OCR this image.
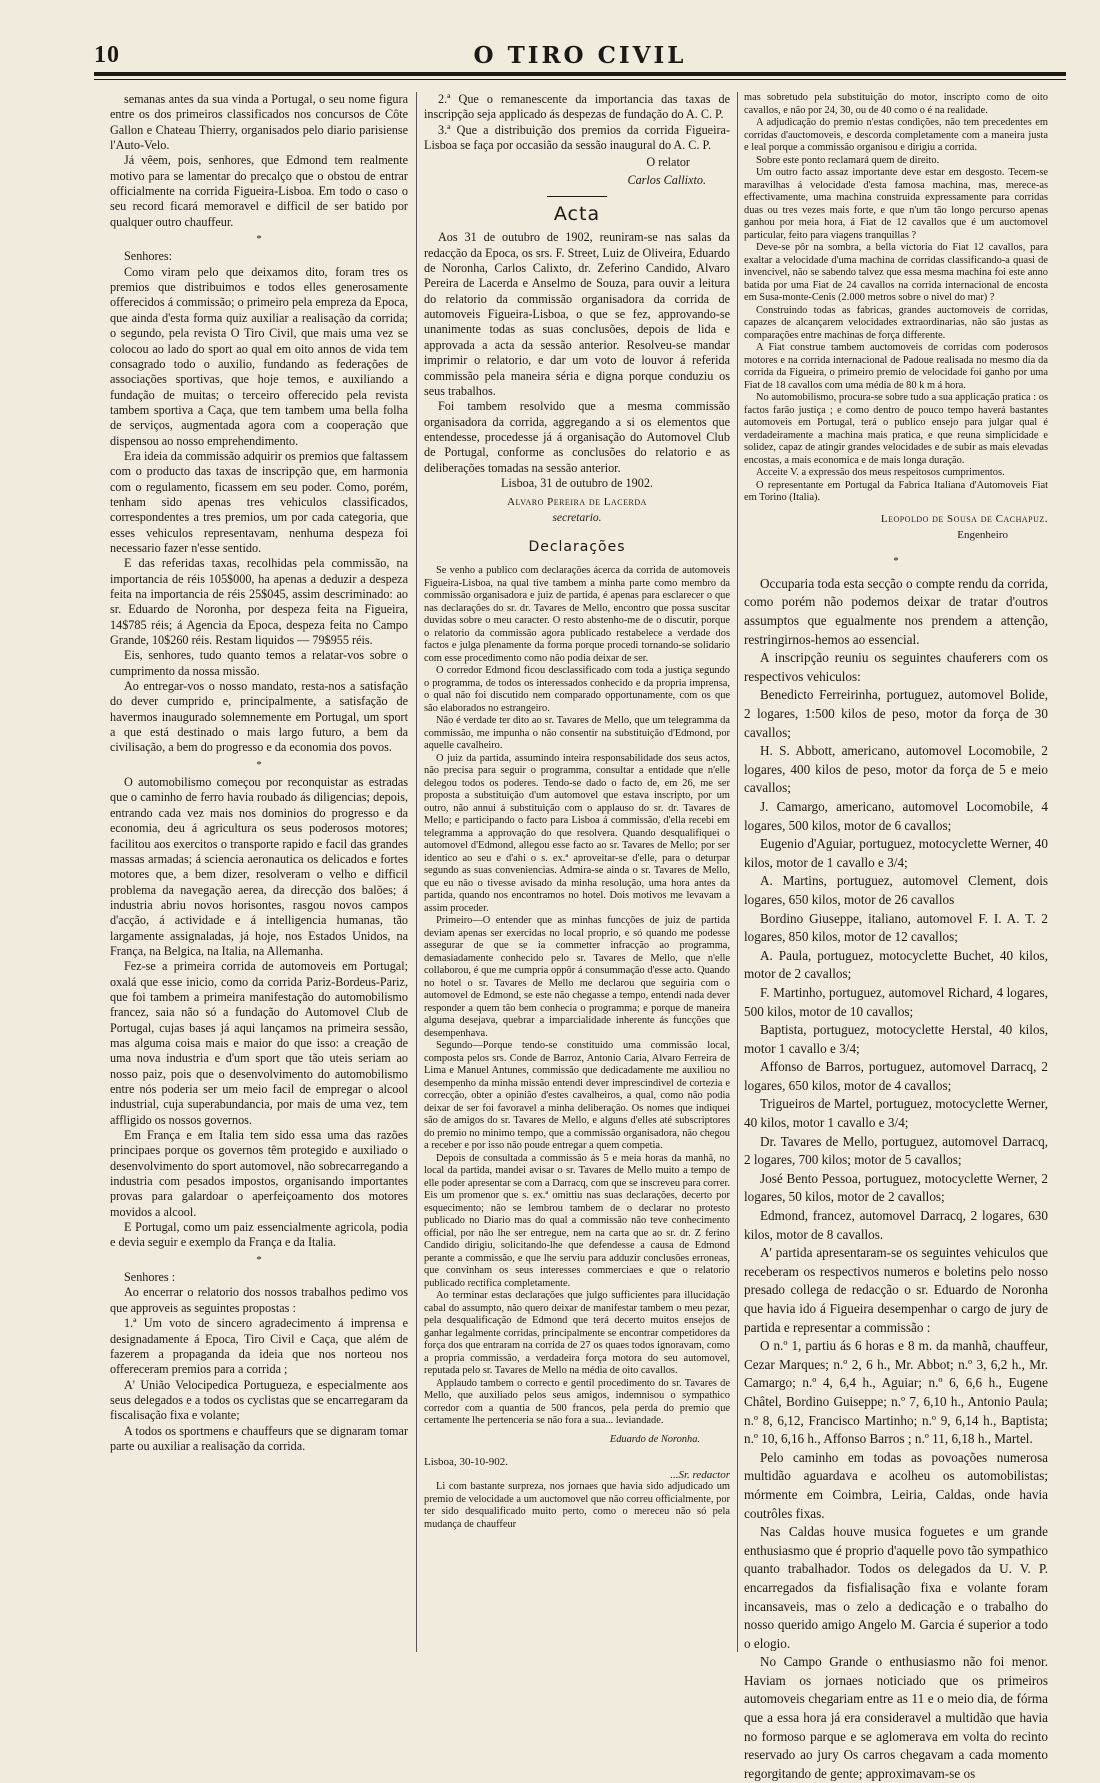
10	O TIRO CIVIL

semanas antes da sua vinda a Portugal, o seu nome figura entre os dos primeiros classificados nos concursos de Côte Gallon e Chateau Thierry, organisados pelo diario parisiense l'Auto-Velo.

Já vêem, pois, senhores, que Edmond tem realmente motivo para se lamentar do precalço que o obstou de entrar officialmente na corrida Figueira-Lisboa. Em todo o caso o seu record ficará memoravel e difficil de ser batido por qualquer outro chauffeur.

*

Senhores:

Como viram pelo que deixamos dito, foram tres os premios que distribuimos e todos elles generosamente offerecidos á commissão; o primeiro pela empreza da Epoca, que ainda d'esta forma quiz auxiliar a realisação da corrida; o segundo, pela revista O Tiro Civil, que mais uma vez se colocou ao lado do sport ao qual em oito annos de vida tem consagrado todo o auxilio, fundando as federações de associações sportivas, que hoje temos, e auxiliando a fundação de muitas; o terceiro offerecido pela revista tambem sportiva a Caça, que tem tambem uma bella folha de serviços, augmentada agora com a cooperação que dispensou ao nosso emprehendimento.

Era ideia da commissão adquirir os premios que faltassem com o producto das taxas de inscripção que, em harmonia com o regulamento, ficassem em seu poder. Como, porém, tenham sido apenas tres vehiculos classificados, correspondentes a tres premios, um por cada categoria, que esses vehiculos representavam, nenhuma despeza foi necessario fazer n'esse sentido.

E das referidas taxas, recolhidas pela commissão, na importancia de réis 105$000, ha apenas a deduzir a despeza feita na importancia de réis 25$045, assim descriminado: ao sr. Eduardo de Noronha, por despeza feita na Figueira, 14$785 réis; á Agencia da Epoca, despeza feita no Campo Grande, 10$260 réis. Restam liquidos — 79$955 réis.

Eis, senhores, tudo quanto temos a relatar-vos sobre o cumprimento da nossa missão.

Ao entregar-vos o nosso mandato, resta-nos a satisfação do dever cumprido e, principalmente, a satisfação de havermos inaugurado solemnemente em Portugal, um sport a que está destinado o mais largo futuro, a bem da civilisação, a bem do progresso e da economia dos povos.

*

O automobilismo começou por reconquistar as estradas que o caminho de ferro havia roubado ás diligencias; depois, entrando cada vez mais nos dominios do progresso e da economia, deu á agricultura os seus poderosos motores; facilitou aos exercitos o transporte rapido e facil das grandes massas armadas; á sciencia aeronautica os delicados e fortes motores que, a bem dizer, resolveram o velho e difficil problema da navegação aerea, da direcção dos balões; á industria abriu novos horisontes, rasgou novos campos d'acção, á actividade e á intelligencia humanas, tão largamente assignaladas, já hoje, nos Estados Unidos, na França, na Belgica, na Italia, na Allemanha.

Fez-se a primeira corrida de automoveis em Portugal; oxalá que esse inicio, como da corrida Pariz-Bordeus-Pariz, que foi tambem a primeira manifestação do automobilismo francez, saia não só a fundação do Automovel Club de Portugal, cujas bases já aqui lançamos na primeira sessão, mas alguma coisa mais e maior do que isso: a creação de uma nova industria e d'um sport que tão uteis seriam ao nosso paiz, pois que o desenvolvimento do automobilismo entre nós poderia ser um meio facil de empregar o alcool industrial, cuja superabundancia, por mais de uma vez, tem affligido os nossos governos.

Em França e em Italia tem sido essa uma das razões principaes porque os governos têm protegido e auxiliado o desenvolvimento do sport automovel, não sobrecarregando a industria com pesados impostos, organisando importantes provas para galardoar o aperfeiçoamento dos motores movidos a alcool.

E Portugal, como um paiz essencialmente agricola, podia e devia seguir e exemplo da França e da Italia.

*

Senhores :

Ao encerrar o relatorio dos nossos trabalhos pedimo vos que approveis as seguintes propostas :

1.ª Um voto de sincero agradecimento á imprensa e designadamente á Epoca, Tiro Civil e Caça, que além de fazerem a propaganda da ideia que nos norteou nos offereceram premios para a corrida ;

A' União Velocipedica Portugueza, e especialmente aos seus delegados e a todos os cyclistas que se encarregaram da fiscalisação fixa e volante;

A todos os sportmens e chauffeurs que se dignaram tomar parte ou auxiliar a realisação da corrida.

2.ª Que o remanescente da importancia das taxas de inscripção seja applicado ás despezas de fundação do A. C. P.

3.ª Que a distribuição dos premios da corrida Figueira-Lisboa se faça por occasião da sessão inaugural do A. C. P.

O relator
Carlos Callixto.
Acta

Aos 31 de outubro de 1902, reuniram-se nas salas da redacção da Epoca, os srs. F. Street, Luiz de Oliveira, Eduardo de Noronha, Carlos Calixto, dr. Zeferino Candido, Alvaro Pereira de Lacerda e Anselmo de Souza, para ouvir a leitura do relatorio da commissão organisadora da corrida de automoveis Figueira-Lisboa, o que se fez, approvando-se unanimente todas as suas conclusões, depois de lida e approvada a acta da sessão anterior. Resolveu-se mandar imprimir o relatorio, e dar um voto de louvor á referida commissão pela maneira séria e digna porque conduziu os seus trabalhos.

Foi tambem resolvido que a mesma commissão organisadora da corrida, aggregando a si os elementos que entendesse, procedesse já á organisação do Automovel Club de Portugal, conforme as conclusões do relatorio e as deliberações tomadas na sessão anterior.

Lisboa, 31 de outubro de 1902.
Alvaro Pereira de Lacerda
secretario.
Declarações

Se venho a publico com declarações ácerca da corrida de automoveis Figueira-Lisboa, na qual tive tambem a minha parte como membro da commissão organisadora e juiz de partida, é apenas para esclarecer o que nas declarações do sr. dr. Tavares de Mello, encontro que possa suscitar duvidas sobre o meu caracter. O resto abstenho-me de o discutir, porque o relatorio da commissão agora publicado restabelece a verdade dos factos e julga plenamente da forma porque procedi tornando-se solidario com esse procedimento como não podia deixar de ser.

O corredor Edmond ficou desclassificado com toda a justiça segundo o programma, de todos os interessados conhecido e da propria imprensa, o qual não foi discutido nem comparado opportunamente, com os que são elaborados no estrangeiro.

Não é verdade ter dito ao sr. Tavares de Mello, que um telegramma da commissão, me impunha o não consentir na substituição d'Edmond, por aquelle cavalheiro.

O juiz da partida, assumindo inteira responsabilidade dos seus actos, não precisa para seguir o programma, consultar a entidade que n'elle delegou todos os poderes. Tendo-se dado o facto de, em 26, me ser proposta a substituição d'um automovel que estava inscripto, por um outro, não annui á substituição com o applauso do sr. dr. Tavares de Mello; e participando o facto para Lisboa á commissão, d'ella recebi em telegramma a approvação do que resolvera. Quando desqualifiquei o automovel d'Edmond, allegou esse facto ao sr. Tavares de Mello; por ser identico ao seu e d'ahi o s. ex.ª aproveitar-se d'elle, para o deturpar segundo as suas conveniencias. Admira-se ainda o sr. Tavares de Mello, que eu não o tivesse avisado da minha resolução, uma hora antes da partida, quando nos encontramos no hotel. Dois motivos me levavam a assim proceder.

Primeiro—O entender que as minhas funcções de juiz de partida deviam apenas ser exercidas no local proprio, e só quando me podesse assegurar de que se ia commetter infracção ao programma, demasiadamente conhecido pelo sr. Tavares de Mello, que n'elle collaborou, é que me cumpria oppôr á consummação d'esse acto. Quando no hotel o sr. Tavares de Mello me declarou que seguiria com o automovel de Edmond, se este não chegasse a tempo, entendi nada dever responder a quem tão bem conhecia o programma; e porque de maneira alguma desejava, quebrar a imparcialidade inherente ás funcções que desempenhava.

Segundo—Porque tendo-se constituido uma commissão local, composta pelos srs. Conde de Barroz, Antonio Caria, Alvaro Ferreira de Lima e Manuel Antunes, commissão que dedicadamente me auxiliou no desempenho da minha missão entendi dever imprescindivel de cortezia e correcção, obter a opinião d'estes cavalheiros, a qual, como não podia deixar de ser foi favoravel a minha deliberação. Os nomes que indiquei são de amigos do sr. Tavares de Mello, e alguns d'elles até subscriptores do premio no minimo tempo, que a commissão organisadora, não chegou a receber e por isso não poude entregar a quem competia.

Depois de consultada a commissão ás 5 e meia horas da manhã, no local da partida, mandei avisar o sr. Tavares de Mello muito a tempo de elle poder apresentar se com a Darracq, com que se inscreveu para correr. Eis um promenor que s. ex.ª omittiu nas suas declarações, decerto por esquecimento; não se lembrou tambem de o declarar no protesto publicado no Diario mas do qual a commissão não teve conhecimento official, por não lhe ser entregue, nem na carta que ao sr. dr. Z ferino Candido dirigiu, solicitando-lhe que defendesse a causa de Edmond perante a commissão, e que lhe serviu para adduzir conclusões erroneas, que convinham os seus interesses commerciaes e que o relatorio publicado rectifica completamente.

Ao terminar estas declarações que julgo sufficientes para illucidação cabal do assumpto, não quero deixar de manifestar tambem o meu pezar, pela desqualificação de Edmond que terá decerto muitos ensejos de ganhar legalmente corridas, principalmente se encontrar competidores da força dos que entraram na corrida de 27 os quaes todos ignoravam, como a propria commissão, a verdadeira força motora do seu automovel, reputada pelo sr. Tavares de Mello na média de oito cavallos.

Applaudo tambem o correcto e gentil procedimento do sr. Tavares de Mello, que auxiliado pelos seus amigos, indemnisou o sympathico corredor com a quantia de 500 francos, pela perda do premio que certamente lhe pertenceria se não fora a sua... leviandade.

Eduardo de Noronha.
Lisboa, 30-10-902.
...Sr. redactor

Li com bastante surpreza, nos jornaes que havia sido adjudicado um premio de velocidade a um auctomovel que não correu officialmente, por ter sido desqualificado muito perto, como o mereceu não só pela mudança de chauffeur

mas sobretudo pela substituição do motor, inscripto como de oito cavallos, e não por 24, 30, ou de 40 como o é na realidade.

A adjudicação do premio n'estas condições, não tem precedentes em corridas d'auctomoveis, e descorda completamente com a maneira justa e leal porque a commissão organisou e dirigiu a corrida.

Sobre este ponto reclamará quem de direito.

Um outro facto assaz importante deve estar em desgosto. Tecem-se maravilhas á velocidade d'esta famosa machina, mas, merece-as effectivamente, uma machina construida expressamente para corridas duas ou tres vezes mais forte, e que n'um tão longo percurso apenas ganhou por meia hora, á Fiat de 12 cavallos que é um auctomovel particular, feito para viagens tranquillas ?

Deve-se pôr na sombra, a bella victoria do Fiat 12 cavallos, para exaltar a velocidade d'uma machina de corridas classificando-a quasi de invencivel, não se sabendo talvez que essa mesma machina foi este anno batida por uma Fiat de 24 cavallos na corrida internacional de encosta em Susa-monte-Cenis (2.000 metros sobre o nivel do mar) ?

Construindo todas as fabricas, grandes auctomoveis de corridas, capazes de alcançarem velocidades extraordinarias, não são justas as comparações entre machinas de força differente.

A Fiat construe tambem auctomoveis de corridas com poderosos motores e na corrida internacional de Padoue realisada no mesmo dia da corrida da Figueira, o primeiro premio de velocidade foi ganho por uma Fiat de 18 cavallos com uma média de 80 k m á hora.

No automobilismo, procura-se sobre tudo a sua applicação pratica : os factos farão justiça ; e como dentro de pouco tempo haverá bastantes automoveis em Portugal, terá o publico ensejo para julgar qual é verdadeiramente a machina mais pratica, e que reuna simplicidade e solidez, capaz de atingir grandes velocidades e de subir as mais elevadas encostas, a mais economica e de mais longa duração.

Acceite V. a expressão dos meus respeitosos cumprimentos.

O representante em Portugal da Fabrica Italiana d'Automoveis Fiat em Torino (Italia).

Leopoldo de Sousa de Cachapuz.
Engenheiro
*

Occuparia toda esta secção o compte rendu da corrida, como porém não podemos deixar de tratar d'outros assumptos que egualmente nos prendem a attenção, restringirnos-hemos ao essencial.

A inscripção reuniu os seguintes chauferers com os respectivos vehiculos:

Benedicto Ferreirinha, portuguez, automovel Bolide, 2 logares, 1:500 kilos de peso, motor da força de 30 cavallos;

H. S. Abbott, americano, automovel Locomobile, 2 logares, 400 kilos de peso, motor da força de 5 e meio cavallos;

J. Camargo, americano, automovel Locomobile, 4 logares, 500 kilos, motor de 6 cavallos;

Eugenio d'Aguiar, portuguez, motocyclette Werner, 40 kilos, motor de 1 cavallo e 3/4;

A. Martins, portuguez, automovel Clement, dois logares, 650 kilos, motor de 26 cavallos

Bordino Giuseppe, italiano, automovel F. I. A. T. 2 logares, 850 kilos, motor de 12 cavallos;

A. Paula, portuguez, motocyclette Buchet, 40 kilos, motor de 2 cavallos;

F. Martinho, portuguez, automovel Richard, 4 logares, 500 kilos, motor de 10 cavallos;

Baptista, portuguez, motocyclette Herstal, 40 kilos, motor 1 cavallo e 3/4;

Affonso de Barros, portuguez, automovel Darracq, 2 logares, 650 kilos, motor de 4 cavallos;

Trigueiros de Martel, portuguez, motocyclette Werner, 40 kilos, motor 1 cavallo e 3/4;

Dr. Tavares de Mello, portuguez, automovel Darracq, 2 logares, 700 kilos; motor de 5 cavallos;

José Bento Pessoa, portuguez, motocyclette Werner, 2 logares, 50 kilos, motor de 2 cavallos;

Edmond, francez, automovel Darracq, 2 logares, 630 kilos, motor de 8 cavallos.

A' partida apresentaram-se os seguintes vehiculos que receberam os respectivos numeros e boletins pelo nosso presado collega de redacção o sr. Eduardo de Noronha que havia ido á Figueira desempenhar o cargo de jury de partida e representar a commissão :

O n.º 1, partiu ás 6 horas e 8 m. da manhã, chauffeur, Cezar Marques; n.º 2, 6 h., Mr. Abbot; n.º 3, 6,2 h., Mr. Camargo; n.º 4, 6,4 h., Aguiar; n.º 6, 6,6 h., Eugene Châtel, Bordino Guiseppe; n.º 7, 6,10 h., Antonio Paula; n.º 8, 6,12, Francisco Martinho; n.º 9, 6,14 h., Baptista; n.º 10, 6,16 h., Affonso Barros ; n.º 11, 6,18 h., Martel.

Pelo caminho em todas as povoações numerosa multidão aguardava e acolheu os automobilistas; mórmente em Coimbra, Leiria, Caldas, onde havia coutrôles fixas.

Nas Caldas houve musica foguetes e um grande enthusiasmo que é proprio d'aquelle povo tão sympathico quanto trabalhador. Todos os delegados da U. V. P. encarregados da fisfialisação fixa e volante foram incansaveis, mas o zelo a dedicação e o trabalho do nosso querido amigo Angelo M. Garcia é superior a todo o elogio.

No Campo Grande o enthusiasmo não foi menor. Haviam os jornaes noticiado que os primeiros automoveis chegariam entre as 11 e o meio dia, de fórma que a essa hora já era consideravel a multidão que havia no formoso parque e se aglomerava em volta do recinto reservado ao jury Os carros chegavam a cada momento regorgitando de gente; approximavam-se os
